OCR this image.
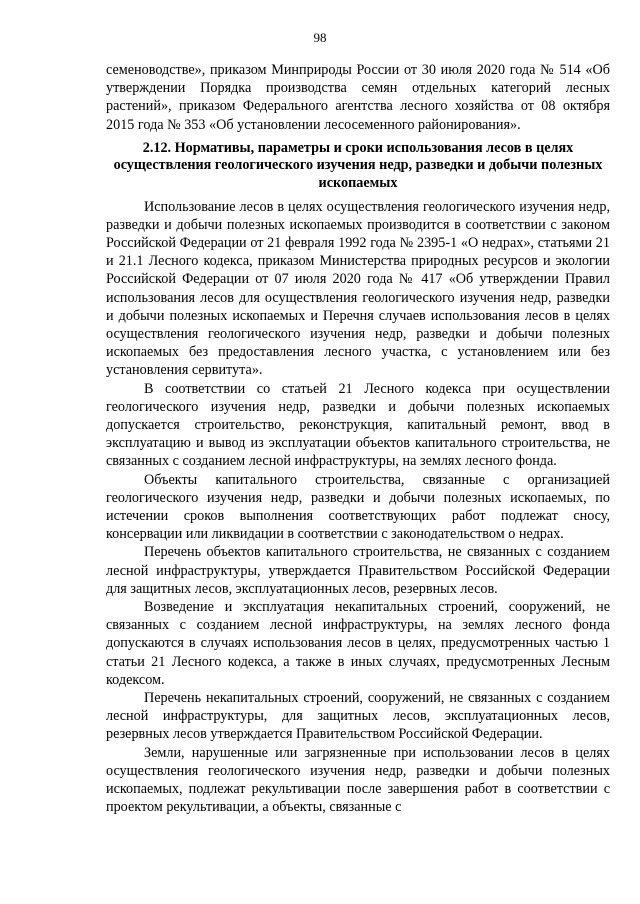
98

семеноводстве», приказом Минприроды России от 30 июля 2020 года № 514 «Об утверждении Порядка производства семян отдельных категорий лесных растений», приказом Федерального агентства лесного хозяйства от 08 октября 2015 года № 353 «Об установлении лесосеменного районирования».

2.12. Нормативы, параметры и сроки использования лесов в целях осуществления геологического изучения недр, разведки и добычи полезных ископаемых

Использование лесов в целях осуществления геологического изучения недр, разведки и добычи полезных ископаемых производится в соответствии с законом Российской Федерации от 21 февраля 1992 года № 2395-1 «О недрах», статьями 21 и 21.1 Лесного кодекса, приказом Министерства природных ресурсов и экологии Российской Федерации от 07 июля 2020 года № 417 «Об утверждении Правил использования лесов для осуществления геологического изучения недр, разведки и добычи полезных ископаемых и Перечня случаев использования лесов в целях осуществления геологического изучения недр, разведки и добычи полезных ископаемых без предоставления лесного участка, с установлением или без установления сервитута».

В соответствии со статьей 21 Лесного кодекса при осуществлении геологического изучения недр, разведки и добычи полезных ископаемых допускается строительство, реконструкция, капитальный ремонт, ввод в эксплуатацию и вывод из эксплуатации объектов капитального строительства, не связанных с созданием лесной инфраструктуры, на землях лесного фонда.

Объекты капитального строительства, связанные с организацией геологического изучения недр, разведки и добычи полезных ископаемых, по истечении сроков выполнения соответствующих работ подлежат сносу, консервации или ликвидации в соответствии с законодательством о недрах.

Перечень объектов капитального строительства, не связанных с созданием лесной инфраструктуры, утверждается Правительством Российской Федерации для защитных лесов, эксплуатационных лесов, резервных лесов.

Возведение и эксплуатация некапитальных строений, сооружений, не связанных с созданием лесной инфраструктуры, на землях лесного фонда допускаются в случаях использования лесов в целях, предусмотренных частью 1 статьи 21 Лесного кодекса, а также в иных случаях, предусмотренных Лесным кодексом.

Перечень некапитальных строений, сооружений, не связанных с созданием лесной инфраструктуры, для защитных лесов, эксплуатационных лесов, резервных лесов утверждается Правительством Российской Федерации.

Земли, нарушенные или загрязненные при использовании лесов в целях осуществления геологического изучения недр, разведки и добычи полезных ископаемых, подлежат рекультивации после завершения работ в соответствии с проектом рекультивации, а объекты, связанные с
